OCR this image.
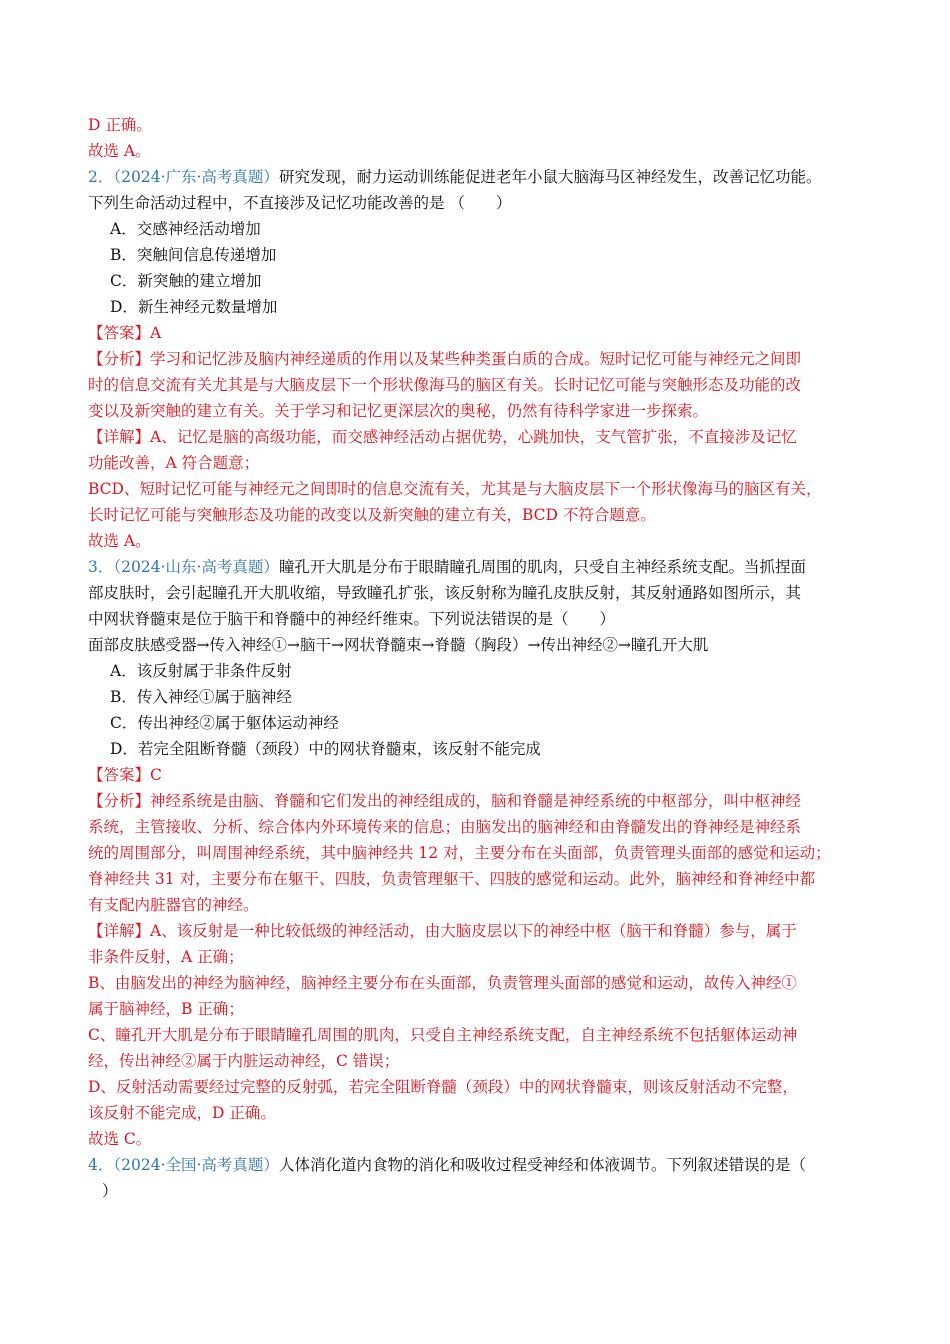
D 正确。
故选 A。
2．（2024·广东·高考真题）研究发现，耐力运动训练能促进老年小鼠大脑海马区神经发生，改善记忆功能。
下列生命活动过程中，不直接涉及记忆功能改善的是 （　　）
A．交感神经活动增加
B．突触间信息传递增加
C．新突触的建立增加
D．新生神经元数量增加
【答案】A
【分析】学习和记忆涉及脑内神经递质的作用以及某些种类蛋白质的合成。短时记忆可能与神经元之间即
时的信息交流有关尤其是与大脑皮层下一个形状像海马的脑区有关。长时记忆可能与突触形态及功能的改
变以及新突触的建立有关。关于学习和记忆更深层次的奥秘，仍然有待科学家进一步探索。
【详解】A、记忆是脑的高级功能，而交感神经活动占据优势，心跳加快，支气管扩张，不直接涉及记忆
功能改善，A 符合题意；
BCD、短时记忆可能与神经元之间即时的信息交流有关，尤其是与大脑皮层下一个形状像海马的脑区有关，
长时记忆可能与突触形态及功能的改变以及新突触的建立有关，BCD 不符合题意。
故选 A。
3．（2024·山东·高考真题）瞳孔开大肌是分布于眼睛瞳孔周围的肌肉，只受自主神经系统支配。当抓捏面
部皮肤时，会引起瞳孔开大肌收缩，导致瞳孔扩张，该反射称为瞳孔皮肤反射，其反射通路如图所示，其
中网状脊髓束是位于脑干和脊髓中的神经纤维束。下列说法错误的是（　　）
面部皮肤感受器→传入神经①→脑干→网状脊髓束→脊髓（胸段）→传出神经②→瞳孔开大肌
A．该反射属于非条件反射
B．传入神经①属于脑神经
C．传出神经②属于躯体运动神经
D．若完全阻断脊髓（颈段）中的网状脊髓束，该反射不能完成
【答案】C
【分析】神经系统是由脑、脊髓和它们发出的神经组成的，脑和脊髓是神经系统的中枢部分，叫中枢神经
系统，主管接收、分析、综合体内外环境传来的信息；由脑发出的脑神经和由脊髓发出的脊神经是神经系
统的周围部分，叫周围神经系统，其中脑神经共 12 对，主要分布在头面部，负责管理头面部的感觉和运动；
脊神经共 31 对，主要分布在躯干、四肢，负责管理躯干、四肢的感觉和运动。此外，脑神经和脊神经中都
有支配内脏器官的神经。
【详解】A、该反射是一种比较低级的神经活动，由大脑皮层以下的神经中枢（脑干和脊髓）参与，属于
非条件反射，A 正确；
B、由脑发出的神经为脑神经，脑神经主要分布在头面部，负责管理头面部的感觉和运动，故传入神经①
属于脑神经，B 正确；
C、瞳孔开大肌是分布于眼睛瞳孔周围的肌肉，只受自主神经系统支配，自主神经系统不包括躯体运动神
经，传出神经②属于内脏运动神经，C 错误；
D、反射活动需要经过完整的反射弧，若完全阻断脊髓（颈段）中的网状脊髓束，则该反射活动不完整，
该反射不能完成，D 正确。
故选 C。
4．（2024·全国·高考真题）人体消化道内食物的消化和吸收过程受神经和体液调节。下列叙述错误的是（
）
